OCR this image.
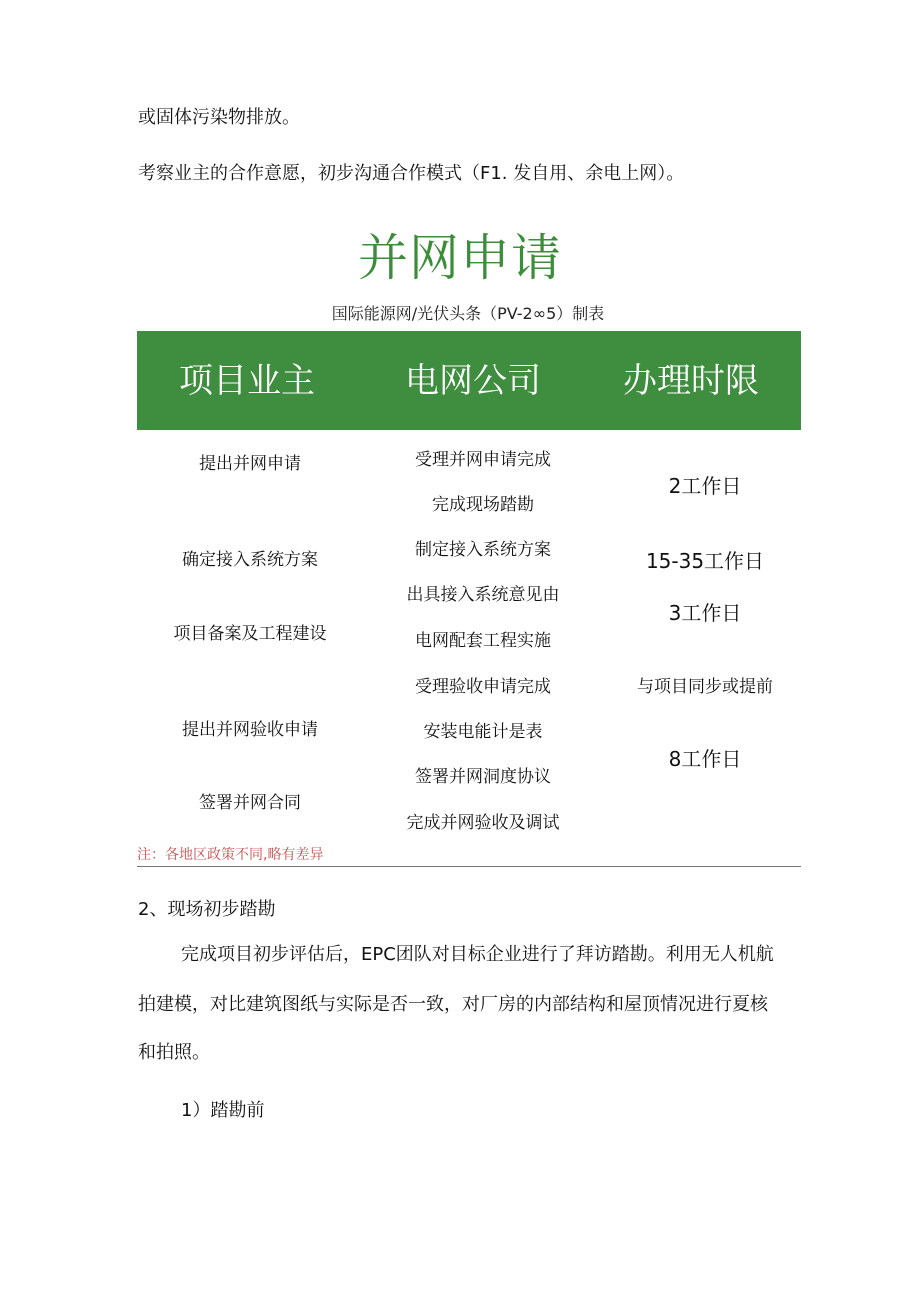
或固体污染物排放。
考察业主的合作意愿，初步沟通合作模式（F1. 发自用、余电上网）。
并网申请
国际能源网/光伏头条（PV-2∞5）制表
项目业主	电网公司	办理时限
提出并网申请
确定接入系统方案
项目备案及工程建设
提出并网验收申请
签署并网合同
受理并网申请完成
完成现场踏勘
制定接入系统方案
出具接入系统意见由
电网配套工程实施
受理验收申请完成
安装电能计是表
签署并网洞度协议
完成并网验收及调试
2工作日
15-35工作日
3工作日
与项目同步或提前
8工作日
注：各地区政策不同,略有差异
2、现场初步踏勘
完成项目初步评估后，EPC团队对目标企业进行了拜访踏勘。利用无人机航
拍建模，对比建筑图纸与实际是否一致，对厂房的内部结构和屋顶情况进行夏核
和拍照。
1）踏勘前
